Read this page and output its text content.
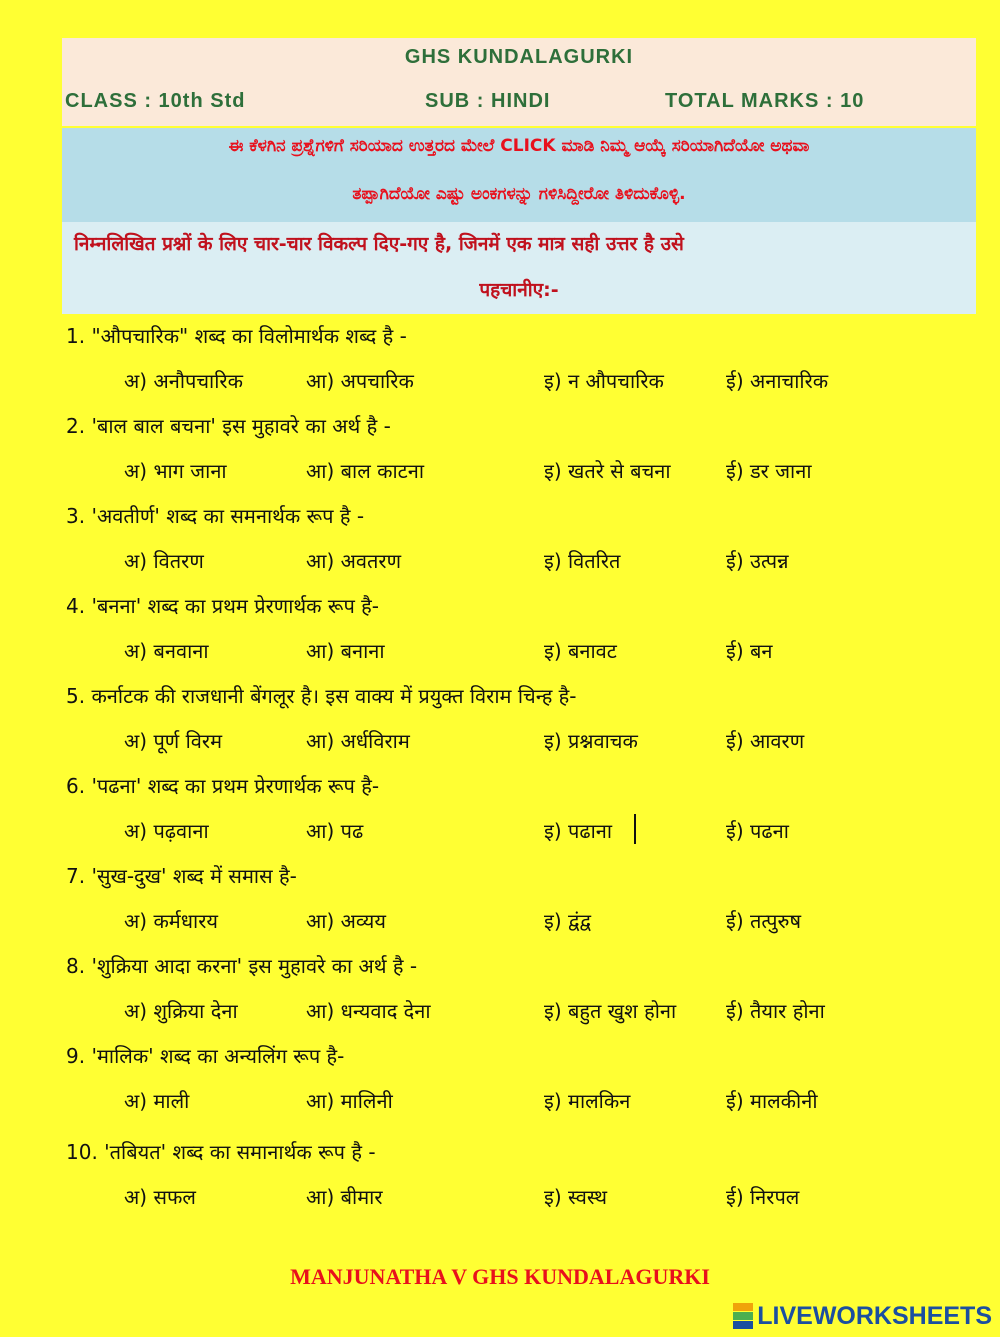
GHS KUNDALAGURKI
CLASS : 10th Std	SUB : HINDI	TOTAL MARKS : 10
ಈ ಕೆಳಗಿನ ಪ್ರಶ್ನೆಗಳಿಗೆ ಸರಿಯಾದ ಉತ್ತರದ ಮೇಲೆ CLICK ಮಾಡಿ ನಿಮ್ಮ ಆಯ್ಕೆ ಸರಿಯಾಗಿದೆಯೋ ಅಥವಾ
ತಪ್ಪಾಗಿದೆಯೋ ಎಷ್ಟು ಅಂಕಗಳನ್ನು ಗಳಿಸಿದ್ದೀರೋ ತಿಳಿದುಕೊಳ್ಳಿ.
निम्नलिखित प्रश्नों के लिए चार-चार विकल्प दिए-गए है, जिनमें एक मात्र सही उत्तर है उसे
पहचानीए:-
1. "औपचारिक" शब्द का विलोमार्थक शब्द है -
अ) अनौपचारिक	आ) अपचारिक	इ) न औपचारिक	ई) अनाचारिक
2. 'बाल बाल बचना' इस मुहावरे का अर्थ है -
अ) भाग जाना	आ) बाल काटना	इ) खतरे से बचना	ई) डर जाना
3. 'अवतीर्ण' शब्द का समनार्थक रूप है -
अ) वितरण	आ) अवतरण	इ) वितरित	ई) उत्पन्न
4. 'बनना' शब्द का प्रथम प्रेरणार्थक रूप है-
अ) बनवाना	आ) बनाना	इ) बनावट	ई) बन
5. कर्नाटक की राजधानी बेंगलूर है। इस वाक्य में प्रयुक्त विराम चिन्ह है-
अ) पूर्ण विरम	आ) अर्धविराम	इ) प्रश्नवाचक	ई) आवरण
6. 'पढना' शब्द का प्रथम प्रेरणार्थक रूप है-
अ) पढ़वाना	आ) पढ	इ) पढाना	ई) पढना
7. 'सुख-दुख' शब्द में समास है-
अ) कर्मधारय	आ) अव्यय	इ) द्वंद्व	ई) तत्पुरुष
8. 'शुक्रिया आदा करना' इस मुहावरे का अर्थ है -
अ) शुक्रिया देना	आ) धन्यवाद देना	इ) बहुत खुश होना ई) तैयार होना
9. 'मालिक' शब्द का अन्यलिंग रूप है-
अ) माली	आ) मालिनी	इ) मालकिन	ई) मालकीनी
10. 'तबियत' शब्द का समानार्थक रूप है -
अ) सफल	आ) बीमार	इ) स्वस्थ	ई) निरपल
MANJUNATHA V GHS KUNDALAGURKI
LIVEWORKSHEETS
